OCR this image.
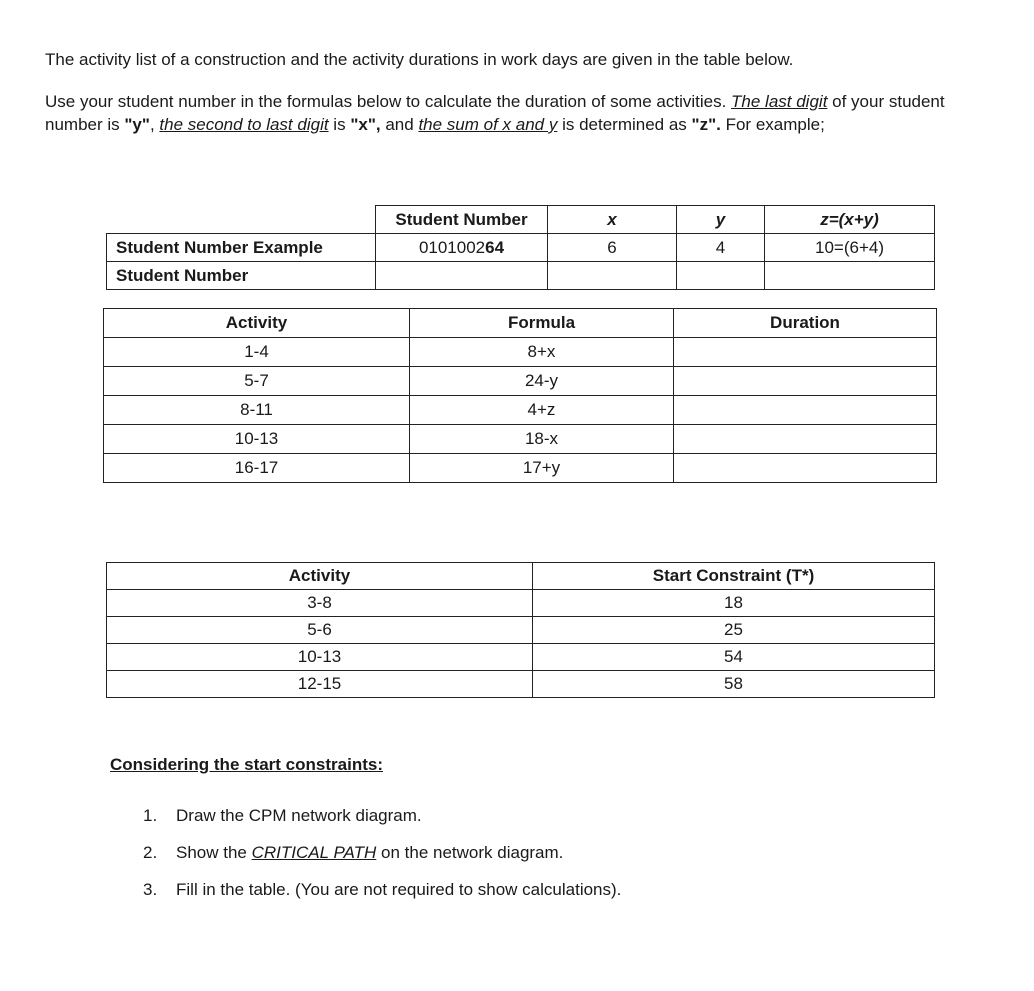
The activity list of a construction and the activity durations in work days are given in the table below.
Use your student number in the formulas below to calculate the duration of some activities. The last digit of your student number is "y", the second to last digit is "x", and the sum of x and y is determined as "z". For example;
	Student Number	x	y	z=(x+y)
Student Number Example	010100264	6	4	10=(6+4)
Student Number				
Activity	Formula	Duration
1-4	8+x	
5-7	24-y	
8-11	4+z	
10-13	18-x	
16-17	17+y	
Activity	Start Constraint (T*)
3-8	18
5-6	25
10-13	54
12-15	58
Considering the start constraints:
1. Draw the CPM network diagram.
2. Show the CRITICAL PATH on the network diagram.
3. Fill in the table. (You are not required to show calculations).
